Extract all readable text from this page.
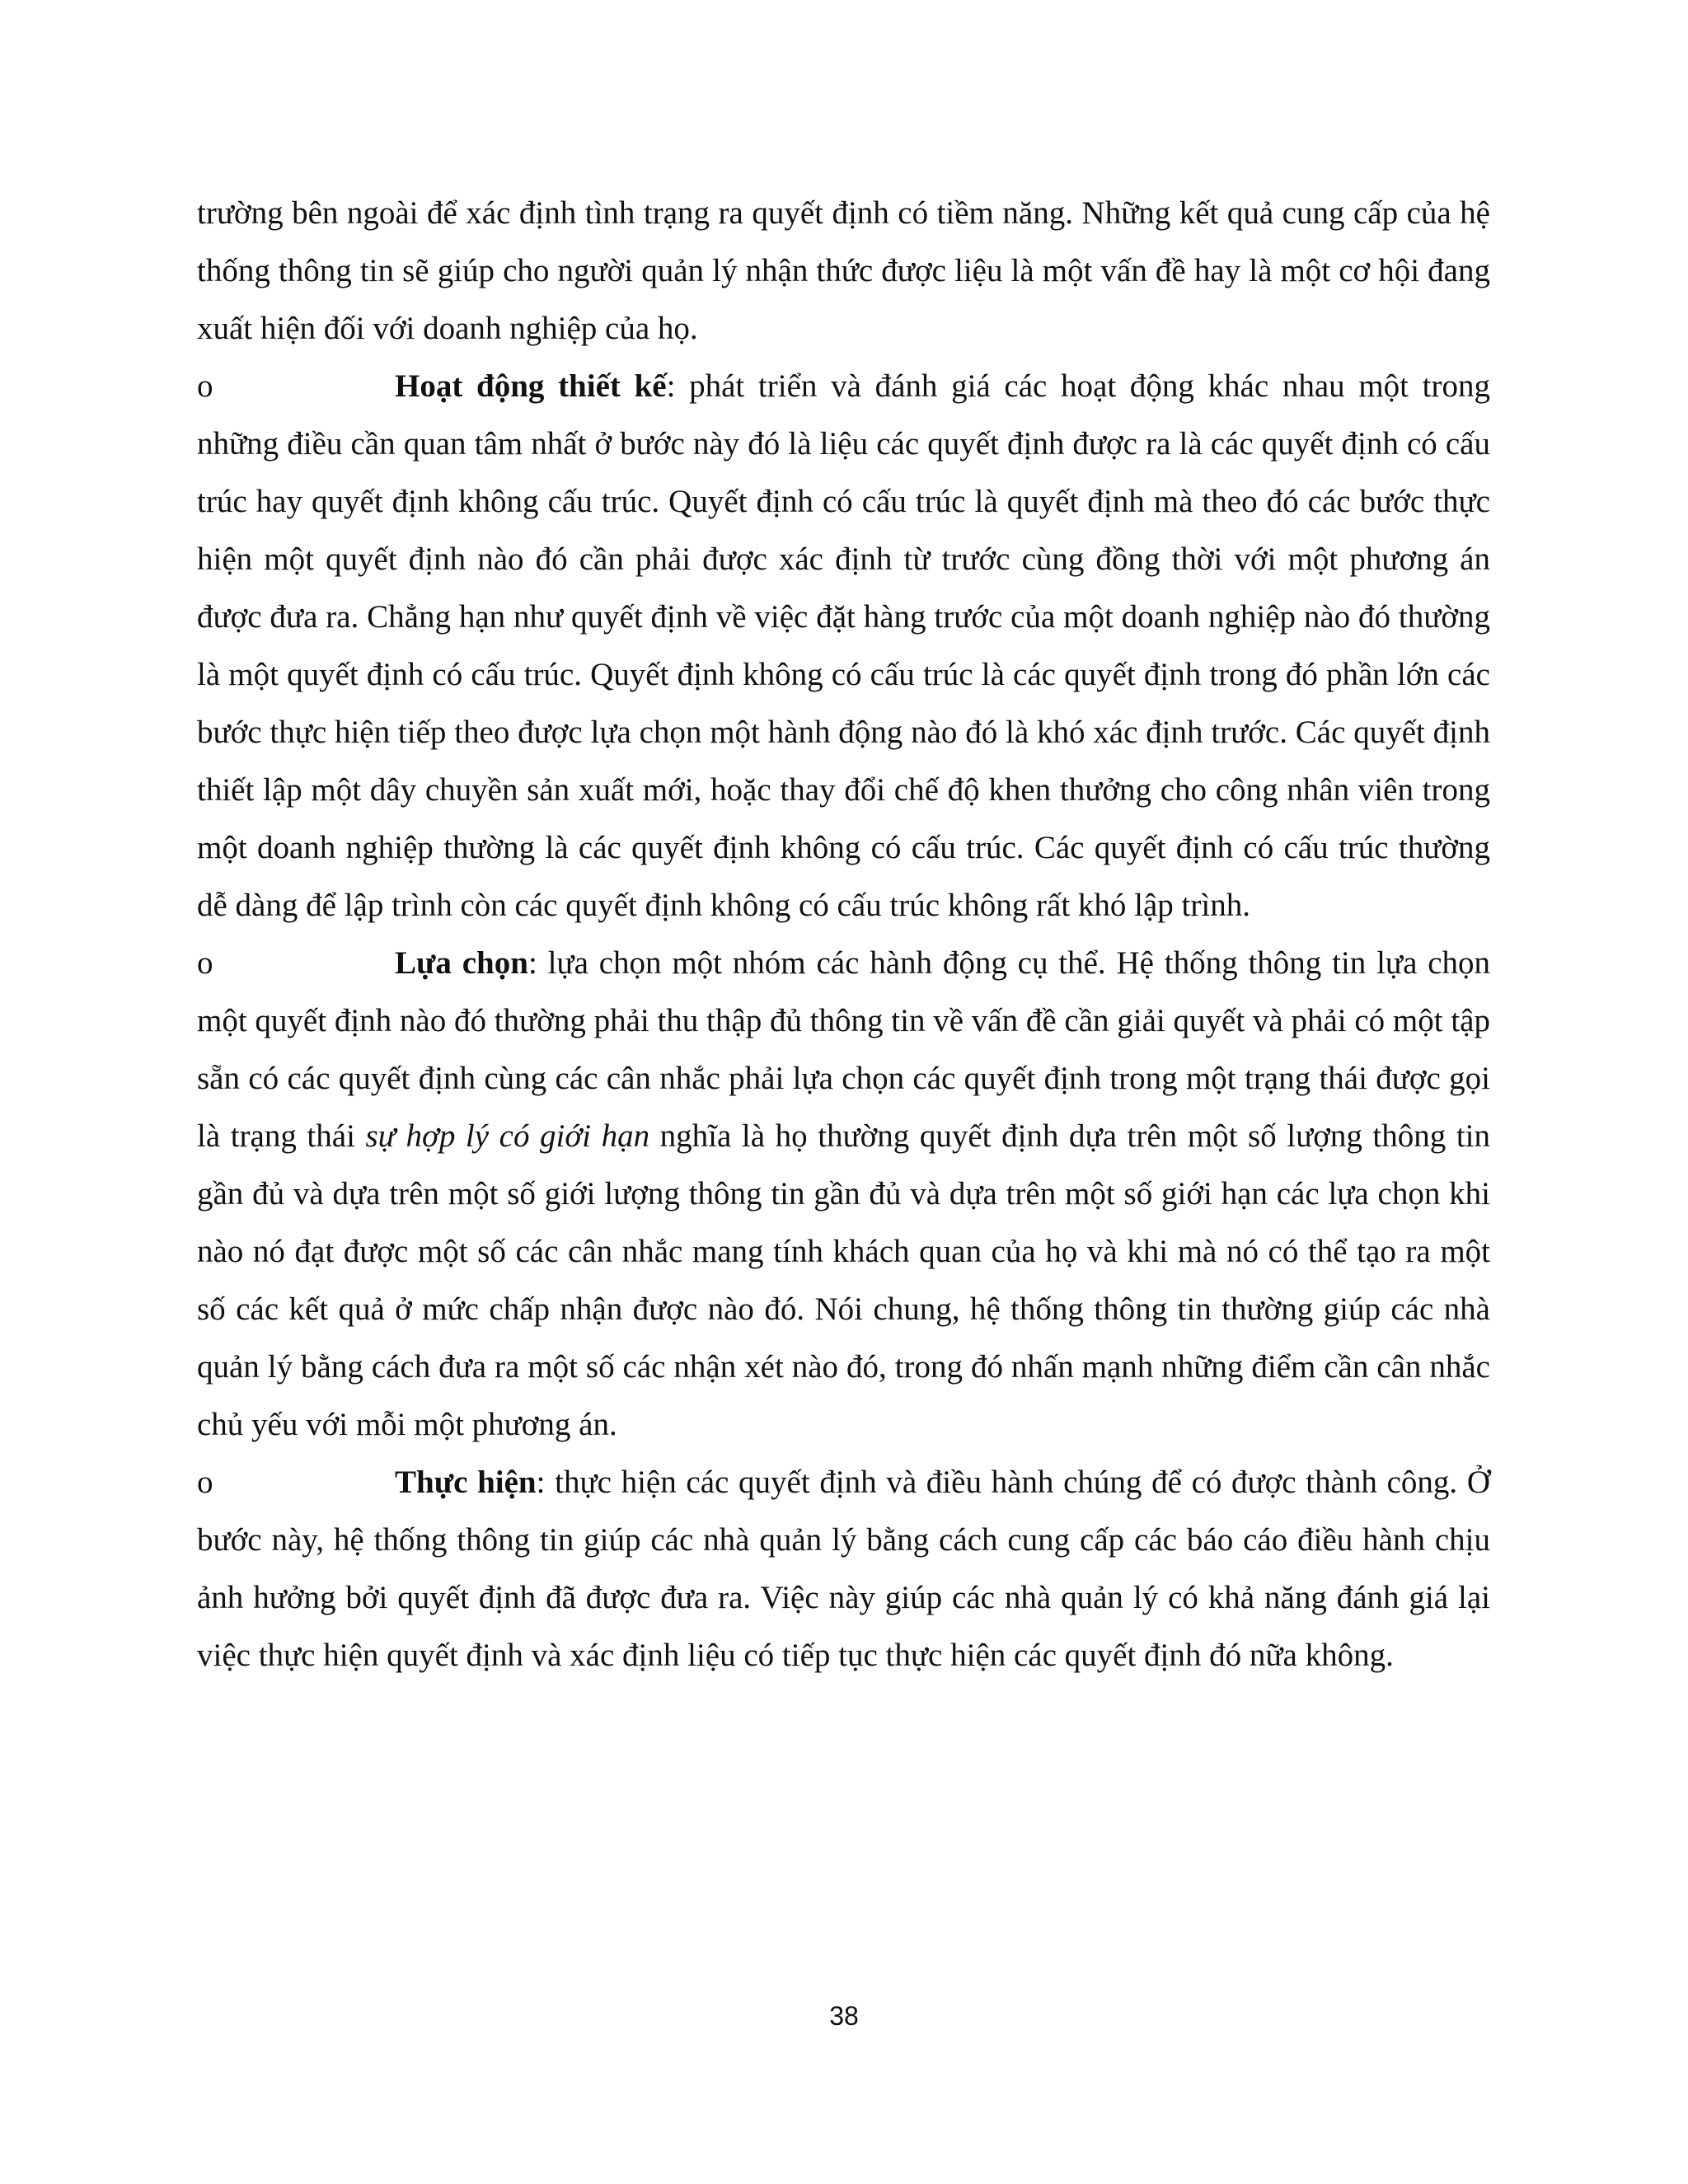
trường bên ngoài để xác định tình trạng ra quyết định có tiềm năng. Những kết quả cung cấp của hệ thống thông tin sẽ giúp cho người quản lý nhận thức được liệu là một vấn đề hay là một cơ hội đang xuất hiện đối với doanh nghiệp của họ.

o	Hoạt động thiết kế: phát triển và đánh giá các hoạt động khác nhau một trong những điều cần quan tâm nhất ở bước này đó là liệu các quyết định được ra là các quyết định có cấu trúc hay quyết định không cấu trúc. Quyết định có cấu trúc là quyết định mà theo đó các bước thực hiện một quyết định nào đó cần phải được xác định từ trước cùng đồng thời với một phương án được đưa ra. Chẳng hạn như quyết định về việc đặt hàng trước của một doanh nghiệp nào đó thường là một quyết định có cấu trúc. Quyết định không có cấu trúc là các quyết định trong đó phần lớn các bước thực hiện tiếp theo được lựa chọn một hành động nào đó là khó xác định trước. Các quyết định thiết lập một dây chuyền sản xuất mới, hoặc thay đổi chế độ khen thưởng cho công nhân viên trong một doanh nghiệp thường là các quyết định không có cấu trúc. Các quyết định có cấu trúc thường dễ dàng để lập trình còn các quyết định không có cấu trúc không rất khó lập trình.

o	Lựa chọn: lựa chọn một nhóm các hành động cụ thể. Hệ thống thông tin lựa chọn một quyết định nào đó thường phải thu thập đủ thông tin về vấn đề cần giải quyết và phải có một tập sẵn có các quyết định cùng các cân nhắc phải lựa chọn các quyết định trong một trạng thái được gọi là trạng thái sự hợp lý có giới hạn nghĩa là họ thường quyết định dựa trên một số lượng thông tin gần đủ và dựa trên một số giới lượng thông tin gần đủ và dựa trên một số giới hạn các lựa chọn khi nào nó đạt được một số các cân nhắc mang tính khách quan của họ và khi mà nó có thể tạo ra một số các kết quả ở mức chấp nhận được nào đó. Nói chung, hệ thống thông tin thường giúp các nhà quản lý bằng cách đưa ra một số các nhận xét nào đó, trong đó nhấn mạnh những điểm cần cân nhắc chủ yếu với mỗi một phương án.

o	Thực hiện: thực hiện các quyết định và điều hành chúng để có được thành công. Ở bước này, hệ thống thông tin giúp các nhà quản lý bằng cách cung cấp các báo cáo điều hành chịu ảnh hưởng bởi quyết định đã được đưa ra. Việc này giúp các nhà quản lý có khả năng đánh giá lại việc thực hiện quyết định và xác định liệu có tiếp tục thực hiện các quyết định đó nữa không.

38
